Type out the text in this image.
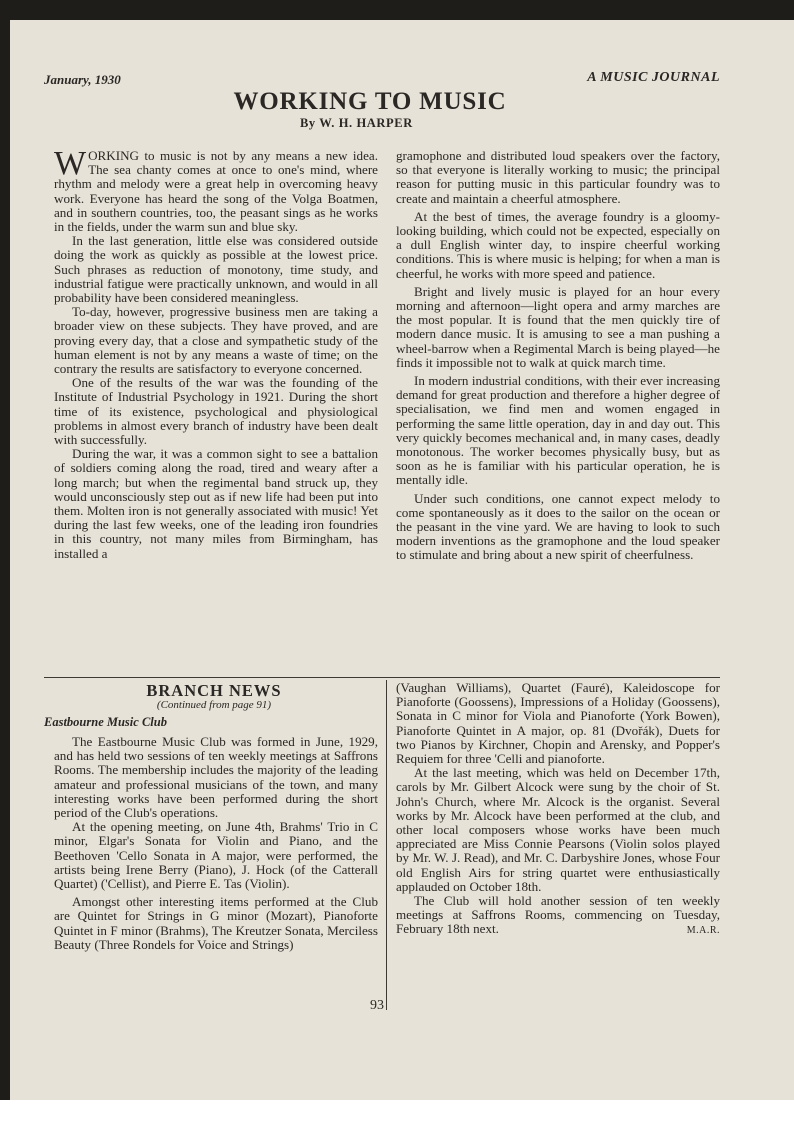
January, 1930	A MUSIC JOURNAL
WORKING TO MUSIC
By W. H. HARPER

WORKING to music is not by any means a new idea. The sea chanty comes at once to one's mind, where rhythm and melody were a great help in overcoming heavy work. Everyone has heard the song of the Volga Boatmen, and in southern countries, too, the peasant sings as he works in the fields, under the warm sun and blue sky.

In the last generation, little else was considered outside doing the work as quickly as possible at the lowest price. Such phrases as reduction of monotony, time study, and industrial fatigue were practically unknown, and would in all probability have been considered meaningless.

To-day, however, progressive business men are taking a broader view on these subjects. They have proved, and are proving every day, that a close and sympathetic study of the human element is not by any means a waste of time; on the contrary the results are satisfactory to everyone concerned.

One of the results of the war was the founding of the Institute of Industrial Psychology in 1921. During the short time of its existence, psychological and physiological problems in almost every branch of industry have been dealt with successfully.

During the war, it was a common sight to see a battalion of soldiers coming along the road, tired and weary after a long march; but when the regimental band struck up, they would unconsciously step out as if new life had been put into them. Molten iron is not generally associated with music! Yet during the last few weeks, one of the leading iron foundries in this country, not many miles from Birmingham, has installed a

gramophone and distributed loud speakers over the factory, so that everyone is literally working to music; the principal reason for putting music in this particular foundry was to create and maintain a cheerful atmosphere.

At the best of times, the average foundry is a gloomy-looking building, which could not be expected, especially on a dull English winter day, to inspire cheerful working conditions. This is where music is helping; for when a man is cheerful, he works with more speed and patience.

Bright and lively music is played for an hour every morning and afternoon—light opera and army marches are the most popular. It is found that the men quickly tire of modern dance music. It is amusing to see a man pushing a wheel-barrow when a Regimental March is being played—he finds it impossible not to walk at quick march time.

In modern industrial conditions, with their ever increasing demand for great production and therefore a higher degree of specialisation, we find men and women engaged in performing the same little operation, day in and day out. This very quickly becomes mechanical and, in many cases, deadly monotonous. The worker becomes physically busy, but as soon as he is familiar with his particular operation, he is mentally idle.

Under such conditions, one cannot expect melody to come spontaneously as it does to the sailor on the ocean or the peasant in the vine yard. We are having to look to such modern inventions as the gramophone and the loud speaker to stimulate and bring about a new spirit of cheerfulness.

BRANCH NEWS
(Continued from page 91)
Eastbourne Music Club

The Eastbourne Music Club was formed in June, 1929, and has held two sessions of ten weekly meetings at Saffrons Rooms. The membership includes the majority of the leading amateur and professional musicians of the town, and many interesting works have been performed during the short period of the Club's operations.

At the opening meeting, on June 4th, Brahms' Trio in C minor, Elgar's Sonata for Violin and Piano, and the Beethoven 'Cello Sonata in A major, were performed, the artists being Irene Berry (Piano), J. Hock (of the Catterall Quartet) ('Cellist), and Pierre E. Tas (Violin).

Amongst other interesting items performed at the Club are Quintet for Strings in G minor (Mozart), Pianoforte Quintet in F minor (Brahms), The Kreutzer Sonata, Merciless Beauty (Three Rondels for Voice and Strings)

(Vaughan Williams), Quartet (Fauré), Kaleidoscope for Pianoforte (Goossens), Impressions of a Holiday (Goossens), Sonata in C minor for Viola and Pianoforte (York Bowen), Pianoforte Quintet in A major, op. 81 (Dvořák), Duets for two Pianos by Kirchner, Chopin and Arensky, and Popper's Requiem for three 'Celli and pianoforte.

At the last meeting, which was held on December 17th, carols by Mr. Gilbert Alcock were sung by the choir of St. John's Church, where Mr. Alcock is the organist. Several works by Mr. Alcock have been performed at the club, and other local composers whose works have been much appreciated are Miss Connie Pearsons (Violin solos played by Mr. W. J. Read), and Mr. C. Darbyshire Jones, whose Four old English Airs for string quartet were enthusiastically applauded on October 18th.

The Club will hold another session of ten weekly meetings at Saffrons Rooms, commencing on Tuesday, February 18th next.	M.A.R.

93
